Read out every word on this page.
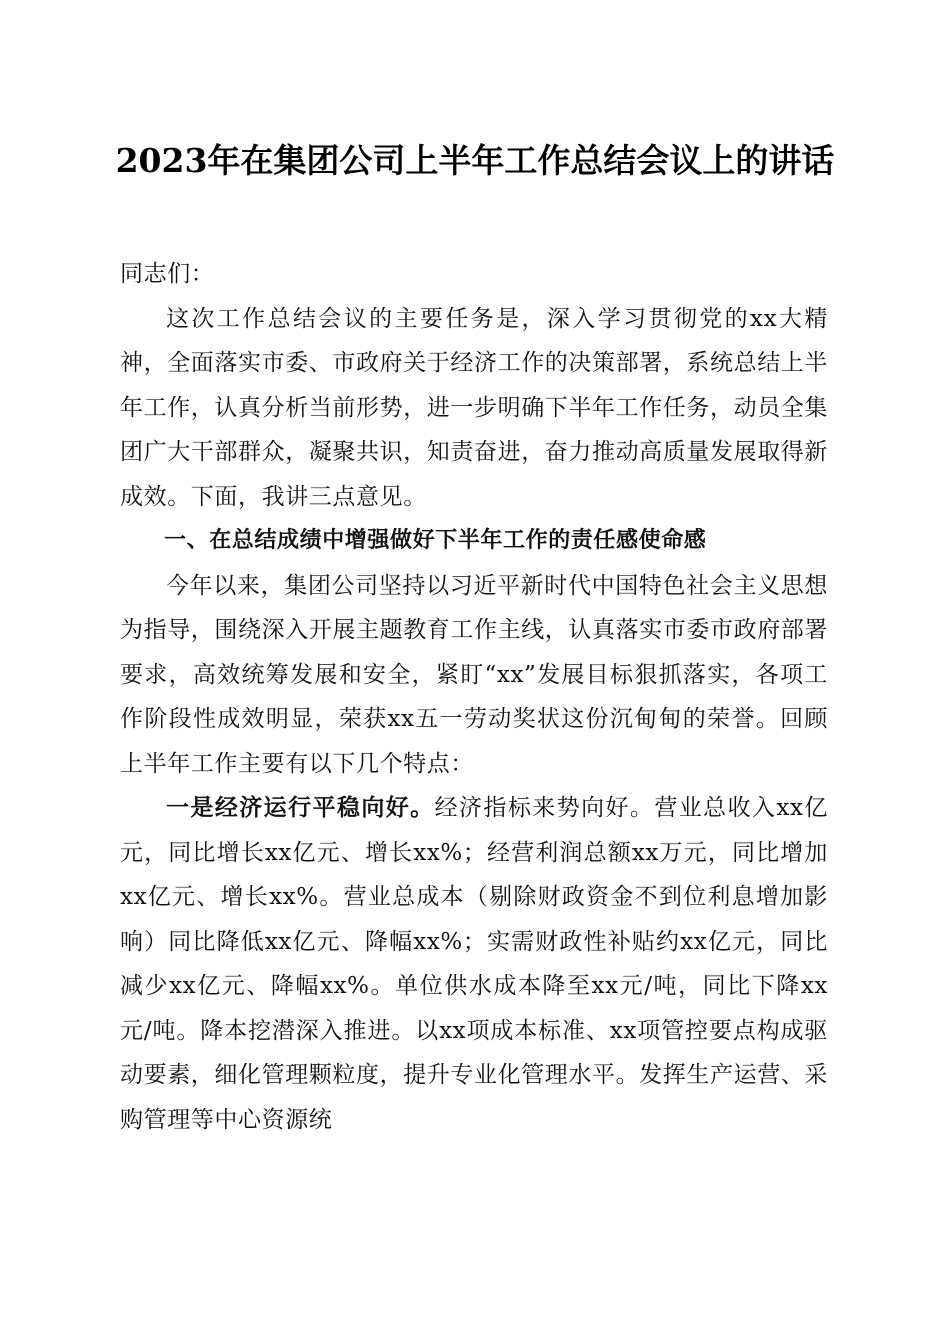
2023年在集团公司上半年工作总结会议上的讲话

同志们：

这次工作总结会议的主要任务是，深入学习贯彻党的xx大精神，全面落实市委、市政府关于经济工作的决策部署，系统总结上半年工作，认真分析当前形势，进一步明确下半年工作任务，动员全集团广大干部群众，凝聚共识，知责奋进，奋力推动高质量发展取得新成效。下面，我讲三点意见。

一、在总结成绩中增强做好下半年工作的责任感使命感

今年以来，集团公司坚持以习近平新时代中国特色社会主义思想为指导，围绕深入开展主题教育工作主线，认真落实市委市政府部署要求，高效统筹发展和安全，紧盯“xx”发展目标狠抓落实，各项工作阶段性成效明显，荣获xx五一劳动奖状这份沉甸甸的荣誉。回顾上半年工作主要有以下几个特点：

一是经济运行平稳向好。经济指标来势向好。营业总收入xx亿元，同比增长xx亿元、增长xx%；经营利润总额xx万元，同比增加xx亿元、增长xx%。营业总成本（剔除财政资金不到位利息增加影响）同比降低xx亿元、降幅xx%；实需财政性补贴约xx亿元，同比减少xx亿元、降幅xx%。单位供水成本降至xx元/吨，同比下降xx元/吨。降本挖潜深入推进。以xx项成本标准、xx项管控要点构成驱动要素，细化管理颗粒度，提升专业化管理水平。发挥生产运营、采购管理等中心资源统
